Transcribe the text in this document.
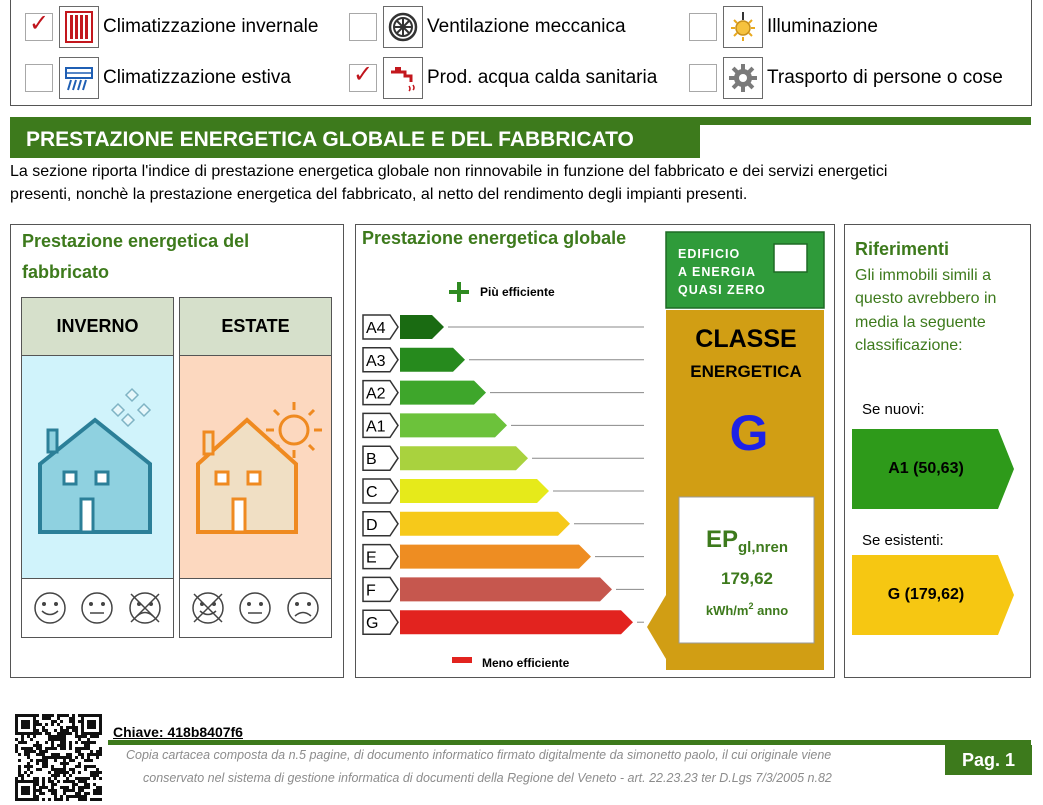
✓	Climatizzazione invernale	Ventilazione meccanica	Illuminazione
Climatizzazione estiva	✓	Prod. acqua calda sanitaria	Trasporto di persone o cose
PRESTAZIONE ENERGETICA GLOBALE E DEL FABBRICATO
La sezione riporta l'indice di prestazione energetica globale non rinnovabile in funzione del fabbricato e dei servizi energetici
presenti, nonchè la prestazione energetica del fabbricato, al netto del rendimento degli impianti presenti.
Prestazione energetica del
fabbricato
INVERNO	ESTATE
Prestazione energetica globale
Più efficiente
A4
A3
A2
A1
B
C
D
E
F
G
Meno efficiente
EDIFICIO
A ENERGIA
QUASI ZERO
CLASSE
ENERGETICA
G
$EP_{gl,nren}$
179,62
kWh/$m^2$ anno
Riferimenti
Gli immobili simili a
questo avrebbero in
media la seguente
classificazione:
Se nuovi:
A1 (50,63)
Se esistenti:
G (179,62)
Chiave: 418b8407f6
Copia cartacea composta da n.5 pagine, di documento informatico firmato digitalmente da simonetto paolo, il cui originale viene
conservato nel sistema di gestione informatica di documenti della Regione del Veneto - art. 22.23.23 ter D.Lgs 7/3/2005 n.82
Pag. 1
